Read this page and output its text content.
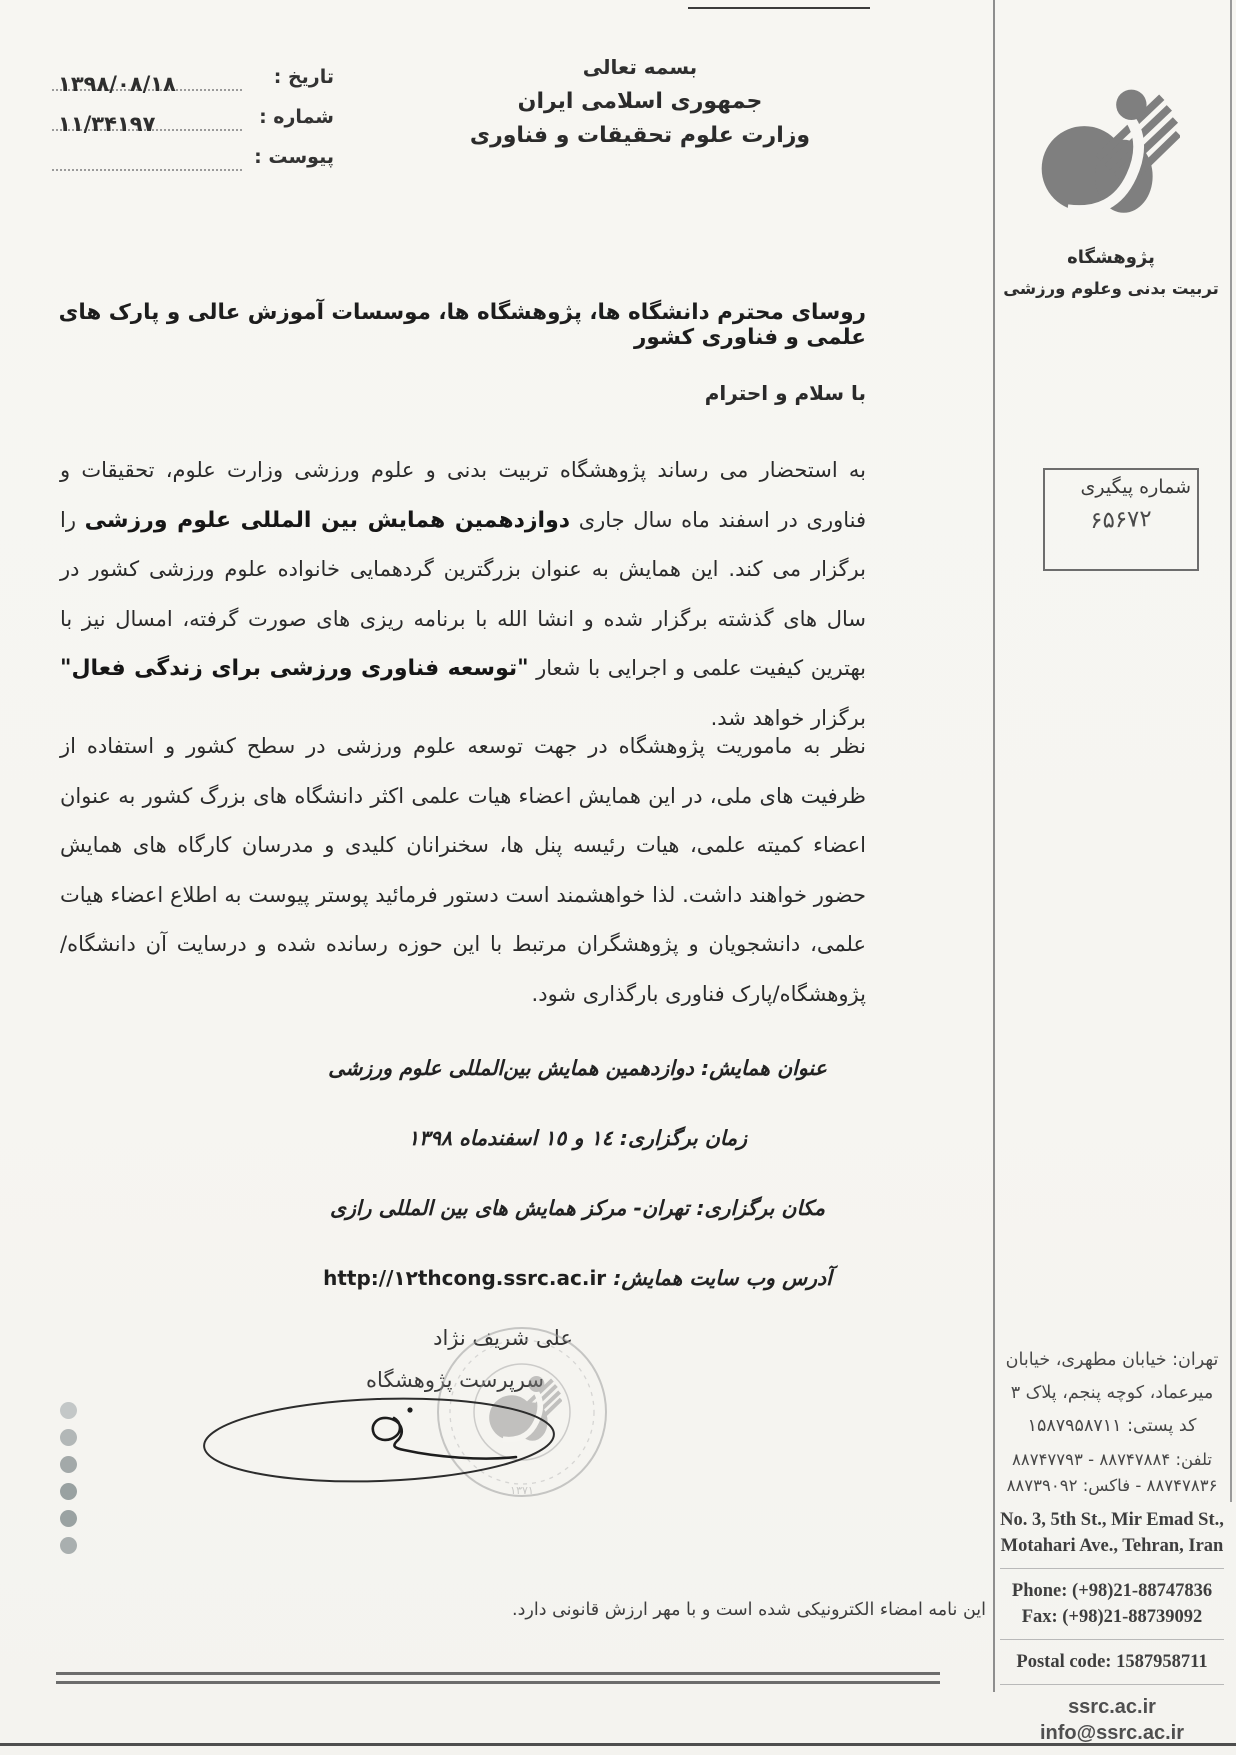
تاریخ :
۱۳۹۸/۰۸/۱۸
شماره :
۱۱/۳۴۱۹۷
پیوست :
بسمه تعالی
جمهوری اسلامی ایران
وزارت علوم تحقیقات و فناوری
پژوهشگاه
تربیت بدنی وعلوم ورزشی
شماره پیگیری
۶۵۶۷۲
روسای محترم دانشگاه ها، پژوهشگاه ها، موسسات آموزش عالی و پارک های علمی و فناوری کشور
با سلام و احترام
به استحضار می رساند پژوهشگاه تربیت بدنی و علوم ورزشی وزارت علوم، تحقیقات و فناوری در اسفند ماه سال جاری دوازدهمین همایش بین المللی علوم ورزشی را برگزار می کند. این همایش به عنوان بزرگترین گردهمایی خانواده علوم ورزشی کشور در سال های گذشته برگزار شده و انشا الله با برنامه ریزی های صورت گرفته، امسال نیز با بهترین کیفیت علمی و اجرایی با شعار "توسعه فناوری ورزشی برای زندگی فعال" برگزار خواهد شد.
نظر به ماموریت پژوهشگاه در جهت توسعه علوم ورزشی در سطح کشور و استفاده از ظرفیت های ملی، در این همایش اعضاء هیات علمی اکثر دانشگاه های بزرگ کشور به عنوان اعضاء کمیته علمی، هیات رئیسه پنل ها، سخنرانان کلیدی و مدرسان کارگاه های همایش حضور خواهند داشت. لذا خواهشمند است دستور فرمائید پوستر پیوست به اطلاع اعضاء هیات علمی، دانشجویان و پژوهشگران مرتبط با این حوزه رسانده شده و درسایت آن دانشگاه/پژوهشگاه/پارک فناوری بارگذاری شود.
عنوان همایش: دوازدهمین همایش بین‌المللی علوم ورزشی
زمان برگزاری: ١٤ و ١٥ اسفندماه ١٣٩٨
مکان برگزاری: تهران- مرکز همایش های بین المللی رازی
آدرس وب سایت همایش: http://١٢thcong.ssrc.ac.ir
علی شریف نژاد
سرپرست پژوهشگاه
۱۳۷۱
این نامه امضاء الکترونیکی شده است و با مهر ارزش قانونی دارد.
تهران: خیابان مطهری، خیابان
میرعماد، کوچه پنجم، پلاک ۳
کد پستی: ۱۵۸۷۹۵۸۷۱۱
تلفن: ۸۸۷۴۷۸۸۴ - ۸۸۷۴۷۷۹۳
۸۸۷۴۷۸۳۶ - فاکس: ۸۸۷۳۹۰۹۲
No. 3, 5th St., Mir Emad St.,
Motahari Ave., Tehran, Iran
Phone: (+98)21-88747836
Fax: (+98)21-88739092
Postal code: 1587958711
ssrc.ac.ir
info@ssrc.ac.ir
